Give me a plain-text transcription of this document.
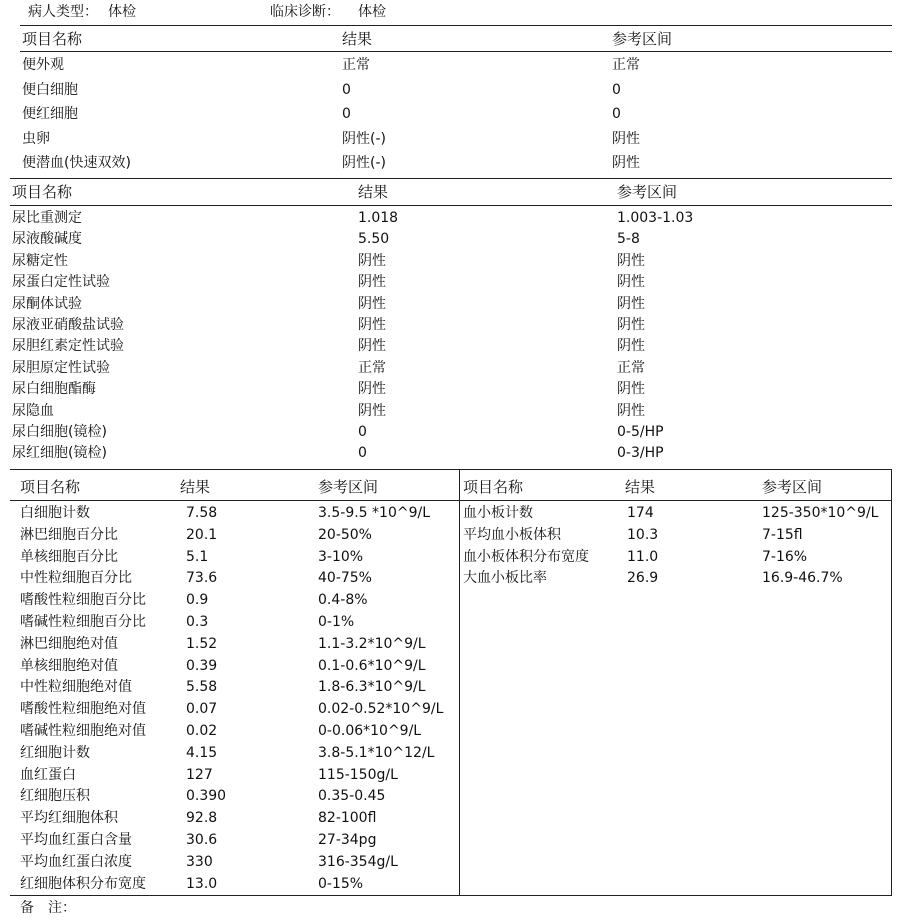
病人类型： 体检	临床诊断： 体检
项目名称	结果	参考区间
便外观	正常	正常
便白细胞	0	0
便红细胞	0	0
虫卵	阴性(-)	阴性
便潜血(快速双效)	阴性(-)	阴性
项目名称	结果	参考区间
尿比重测定	1.018	1.003-1.03
尿液酸碱度	5.50	5-8
尿糖定性	阴性	阴性
尿蛋白定性试验	阴性	阴性
尿酮体试验	阴性	阴性
尿液亚硝酸盐试验	阴性	阴性
尿胆红素定性试验	阴性	阴性
尿胆原定性试验	正常	正常
尿白细胞酯酶	阴性	阴性
尿隐血	阴性	阴性
尿白细胞(镜检)	0	0-5/HP
尿红细胞(镜检)	0	0-3/HP
项目名称	结果	参考区间	项目名称	结果	参考区间
白细胞计数	7.58	3.5-9.5 *10^9/L
淋巴细胞百分比	20.1	20-50%
单核细胞百分比	5.1	3-10%
中性粒细胞百分比	73.6	40-75%
嗜酸性粒细胞百分比	0.9	0.4-8%
嗜碱性粒细胞百分比	0.3	0-1%
淋巴细胞绝对值	1.52	1.1-3.2*10^9/L
单核细胞绝对值	0.39	0.1-0.6*10^9/L
中性粒细胞绝对值	5.58	1.8-6.3*10^9/L
嗜酸性粒细胞绝对值	0.07	0.02-0.52*10^9/L
嗜碱性粒细胞绝对值	0.02	0-0.06*10^9/L
红细胞计数	4.15	3.8-5.1*10^12/L
血红蛋白	127	115-150g/L
红细胞压积	0.390	0.35-0.45
平均红细胞体积	92.8	82-100fl
平均血红蛋白含量	30.6	27-34pg
平均血红蛋白浓度	330	316-354g/L
红细胞体积分布宽度	13.0	0-15%
血小板计数	174	125-350*10^9/L
平均血小板体积	10.3	7-15fl
血小板体积分布宽度	11.0	7-16%
大血小板比率	26.9	16.9-46.7%
备　注：
